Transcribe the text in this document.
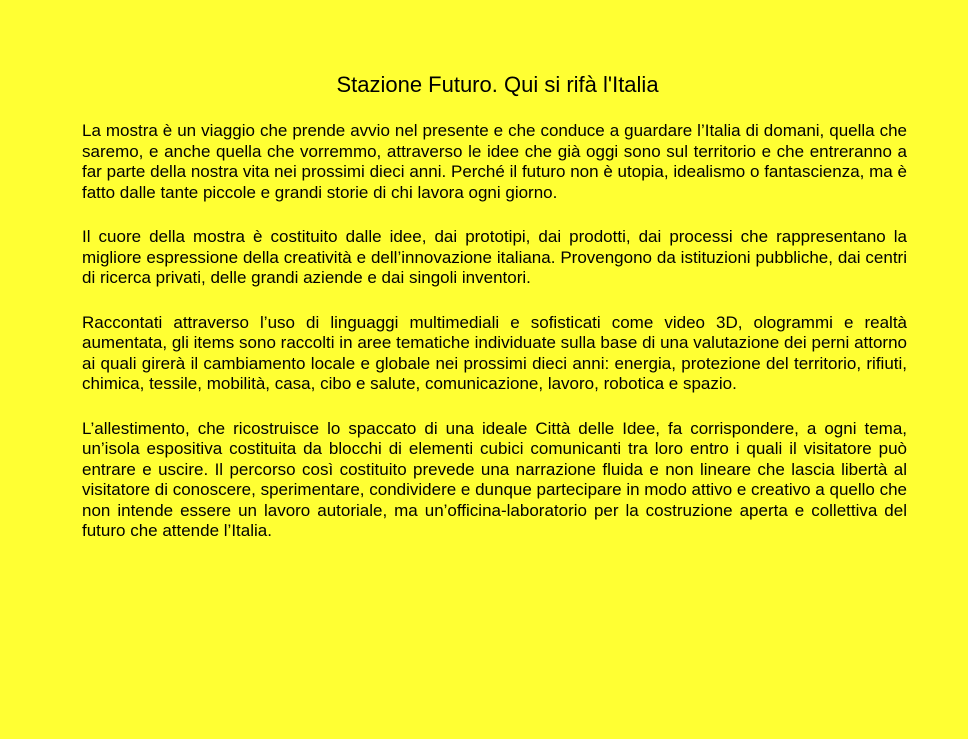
Stazione Futuro. Qui si rifà l'Italia

La mostra è un viaggio che prende avvio nel presente e che conduce a guardare l’Italia di domani, quella che saremo, e anche quella che vorremmo, attraverso le idee che già oggi sono sul territorio e che entreranno a far parte della nostra vita nei prossimi dieci anni. Perché il futuro non è utopia, idealismo o fantascienza, ma è fatto dalle tante piccole e grandi storie di chi lavora ogni giorno.

Il cuore della mostra è costituito dalle idee, dai prototipi, dai prodotti, dai processi che rappresentano la migliore espressione della creatività e dell’innovazione italiana. Provengono da istituzioni pubbliche, dai centri di ricerca privati, delle grandi aziende e dai singoli inventori.

Raccontati attraverso l’uso di linguaggi multimediali e sofisticati come video 3D, ologrammi e realtà aumentata, gli items sono raccolti in aree tematiche individuate sulla base di una valutazione dei perni attorno ai quali girerà il cambiamento locale e globale nei prossimi dieci anni: energia, protezione del territorio, rifiuti, chimica, tessile, mobilità, casa, cibo e salute, comunicazione, lavoro, robotica e spazio.

L’allestimento, che ricostruisce lo spaccato di una ideale Città delle Idee, fa corrispondere, a ogni tema, un’isola espositiva costituita da blocchi di elementi cubici comunicanti tra loro entro i quali il visitatore può entrare e uscire. Il percorso così costituito prevede una narrazione fluida e non lineare che lascia libertà al visitatore di conoscere, sperimentare, condividere e dunque partecipare in modo attivo e creativo a quello che non intende essere un lavoro autoriale, ma un’officina-laboratorio per la costruzione aperta e collettiva del futuro che attende l’Italia.
